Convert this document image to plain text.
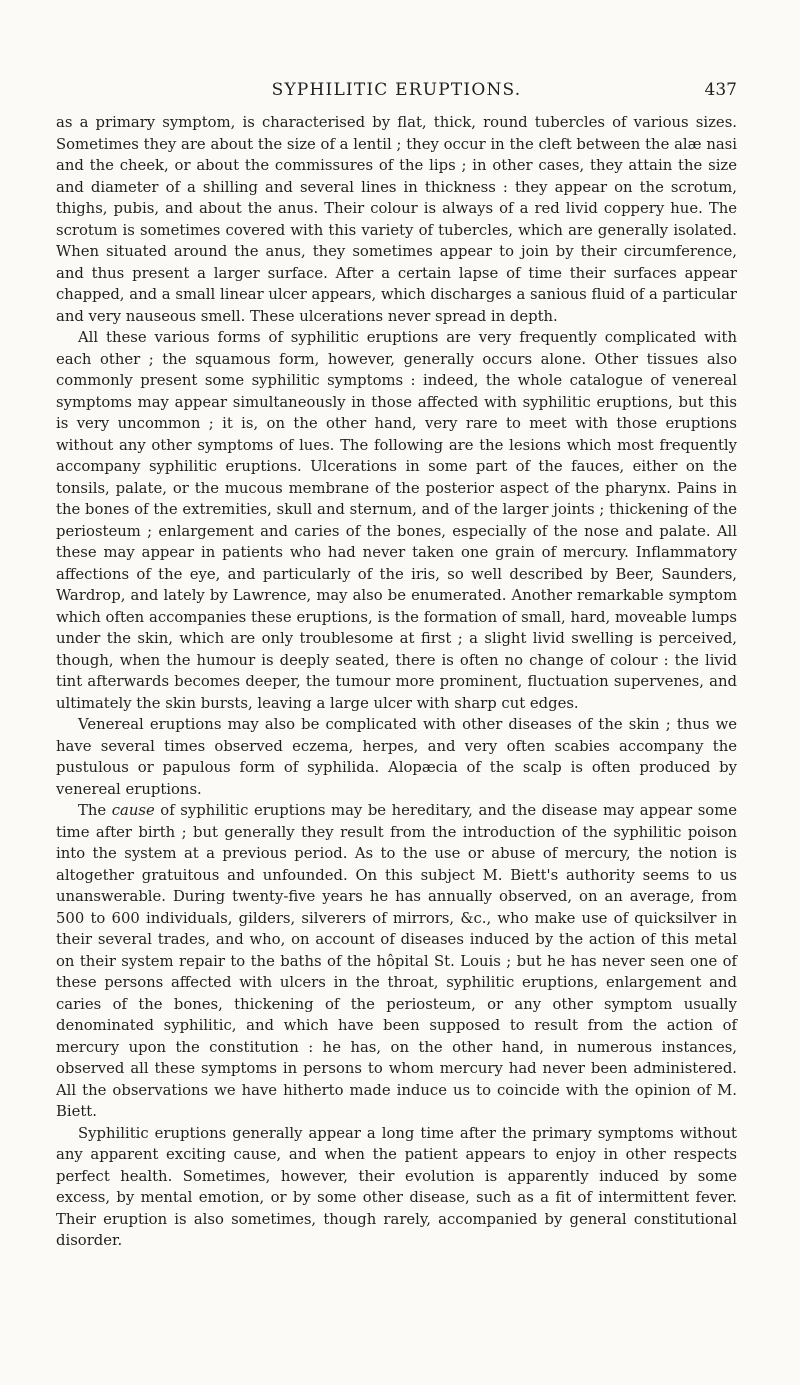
SYPHILITIC ERUPTIONS.	437

as a primary symptom, is characterised by flat, thick, round tubercles of various sizes. Sometimes they are about the size of a lentil ; they occur in the cleft between the alæ nasi and the cheek, or about the commissures of the lips ; in other cases, they attain the size and diameter of a shilling and several lines in thickness : they appear on the scrotum, thighs, pubis, and about the anus. Their colour is always of a red livid coppery hue. The scrotum is sometimes covered with this variety of tubercles, which are generally isolated. When situated around the anus, they sometimes appear to join by their circumference, and thus present a larger surface. After a certain lapse of time their surfaces appear chapped, and a small linear ulcer appears, which discharges a sanious fluid of a particular and very nauseous smell. These ulcerations never spread in depth.

All these various forms of syphilitic eruptions are very frequently complicated with each other ; the squamous form, however, generally occurs alone. Other tissues also commonly present some syphilitic symptoms : indeed, the whole catalogue of venereal symptoms may appear simultaneously in those affected with syphilitic eruptions, but this is very uncommon ; it is, on the other hand, very rare to meet with those eruptions without any other symptoms of lues. The following are the lesions which most frequently accompany syphilitic eruptions. Ulcerations in some part of the fauces, either on the tonsils, palate, or the mucous membrane of the posterior aspect of the pharynx. Pains in the bones of the extremities, skull and sternum, and of the larger joints ; thickening of the periosteum ; enlargement and caries of the bones, especially of the nose and palate. All these may appear in patients who had never taken one grain of mercury. Inflammatory affections of the eye, and particularly of the iris, so well described by Beer, Saunders, Wardrop, and lately by Lawrence, may also be enumerated. Another remarkable symptom which often accompanies these eruptions, is the formation of small, hard, moveable lumps under the skin, which are only troublesome at first ; a slight livid swelling is perceived, though, when the humour is deeply seated, there is often no change of colour : the livid tint afterwards becomes deeper, the tumour more prominent, fluctuation supervenes, and ultimately the skin bursts, leaving a large ulcer with sharp cut edges.

Venereal eruptions may also be complicated with other diseases of the skin ; thus we have several times observed eczema, herpes, and very often scabies accompany the pustulous or papulous form of syphilida. Alopæcia of the scalp is often produced by venereal eruptions.

The cause of syphilitic eruptions may be hereditary, and the disease may appear some time after birth ; but generally they result from the introduction of the syphilitic poison into the system at a previous period. As to the use or abuse of mercury, the notion is altogether gratuitous and unfounded. On this subject M. Biett's authority seems to us unanswerable. During twenty-five years he has annually observed, on an average, from 500 to 600 individuals, gilders, silverers of mirrors, &c., who make use of quicksilver in their several trades, and who, on account of diseases induced by the action of this metal on their system repair to the baths of the hôpital St. Louis ; but he has never seen one of these persons affected with ulcers in the throat, syphilitic eruptions, enlargement and caries of the bones, thickening of the periosteum, or any other symptom usually denominated syphilitic, and which have been supposed to result from the action of mercury upon the constitution : he has, on the other hand, in numerous instances, observed all these symptoms in persons to whom mercury had never been administered. All the observations we have hitherto made induce us to coincide with the opinion of M. Biett.

Syphilitic eruptions generally appear a long time after the primary symptoms without any apparent exciting cause, and when the patient appears to enjoy in other respects perfect health. Sometimes, however, their evolution is apparently induced by some excess, by mental emotion, or by some other disease, such as a fit of intermittent fever. Their eruption is also sometimes, though rarely, accompanied by general constitutional disorder.
